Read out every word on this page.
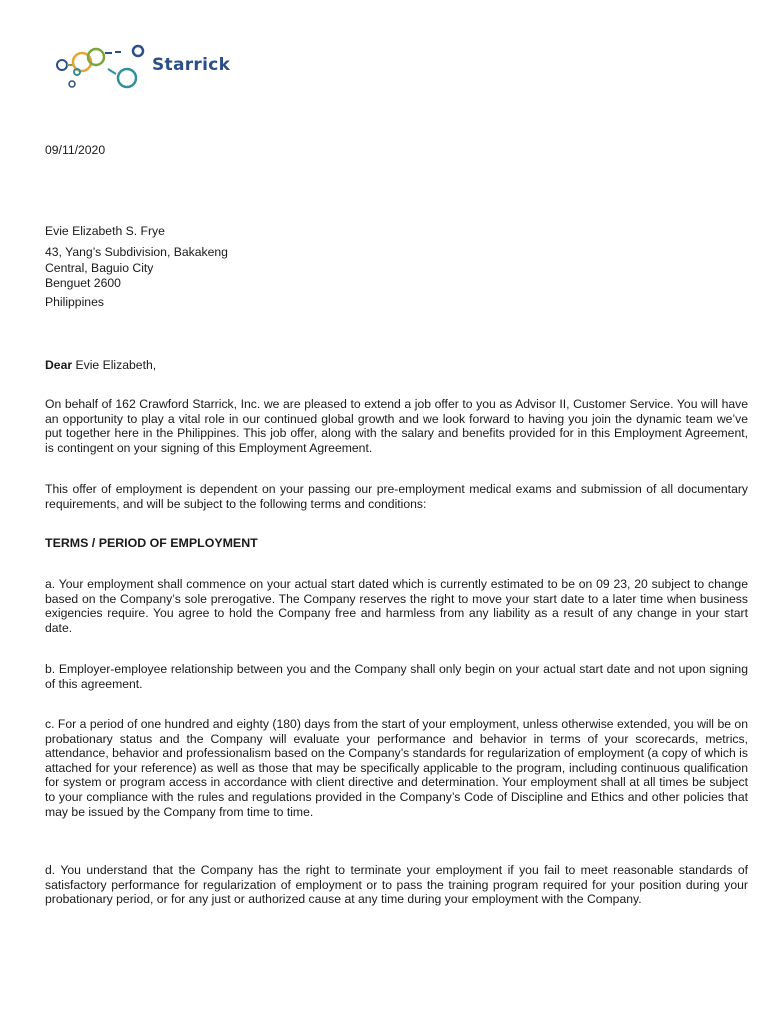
Starrick
09/11/2020
Evie Elizabeth S. Frye
43, Yang’s Subdivision, Bakakeng
Central, Baguio City
Benguet 2600
Philippines
Dear Evie Elizabeth,

On behalf of 162 Crawford Starrick, Inc. we are pleased to extend a job offer to you as Advisor II, Customer Service. You will have an opportunity to play a vital role in our continued global growth and we look forward to having you join the dynamic team we’ve put together here in the Philippines. This job offer, along with the salary and benefits provided for in this Employment Agreement, is contingent on your signing of this Employment Agreement.

This offer of employment is dependent on your passing our pre-employment medical exams and submission of all documentary requirements, and will be subject to the following terms and conditions:

TERMS / PERIOD OF EMPLOYMENT

a. Your employment shall commence on your actual start dated which is currently estimated to be on 09 23, 20 subject to change based on the Company’s sole prerogative. The Company reserves the right to move your start date to a later time when business exigencies require. You agree to hold the Company free and harmless from any liability as a result of any change in your start date.

b. Employer-employee relationship between you and the Company shall only begin on your actual start date and not upon signing of this agreement.

c. For a period of one hundred and eighty (180) days from the start of your employment, unless otherwise extended, you will be on probationary status and the Company will evaluate your performance and behavior in terms of your scorecards, metrics, attendance, behavior and professionalism based on the Company’s standards for regularization of employment (a copy of which is attached for your reference) as well as those that may be specifically applicable to the program, including continuous qualification for system or program access in accordance with client directive and determination. Your employment shall at all times be subject to your compliance with the rules and regulations provided in the Company’s Code of Discipline and Ethics and other policies that may be issued by the Company from time to time.

d. You understand that the Company has the right to terminate your employment if you fail to meet reasonable standards of satisfactory performance for regularization of employment or to pass the training program required for your position during your probationary period, or for any just or authorized cause at any time during your employment with the Company.
